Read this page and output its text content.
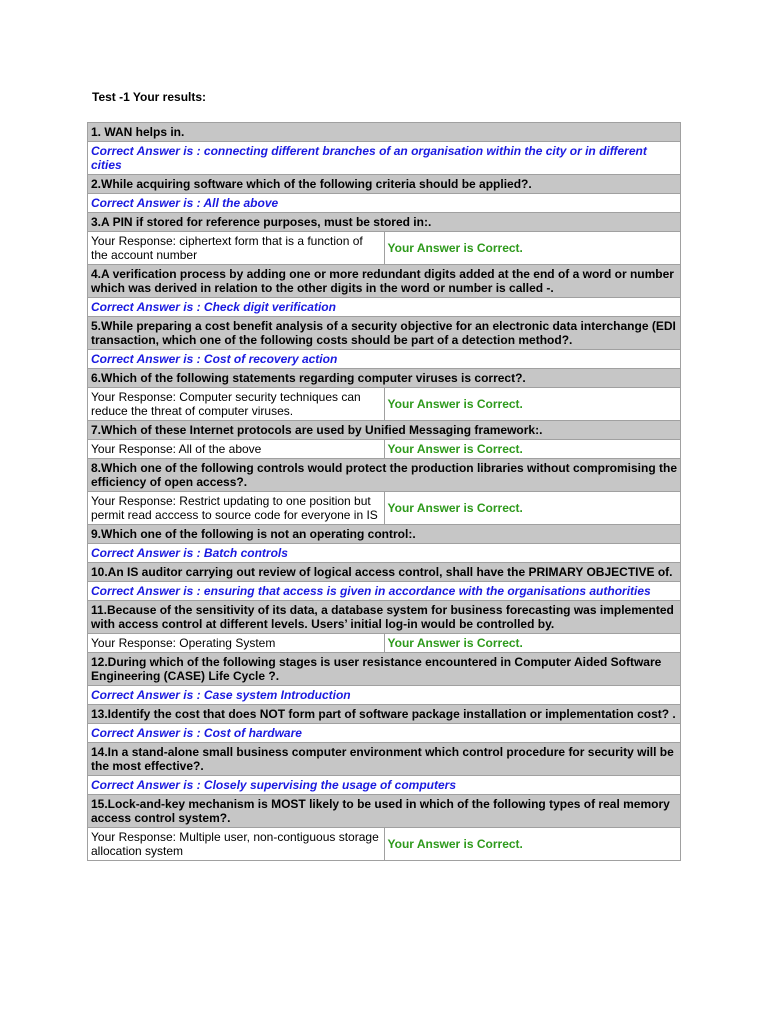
Test -1 Your results:
1. WAN helps in.	
Correct Answer is : connecting different branches of an organisation within the city or in different cities	
2.While acquiring software which of the following criteria should be applied?.	
Correct Answer is : All the above	
3.A PIN if stored for reference purposes, must be stored in:.	
Your Response: ciphertext form that is a function of the account number	Your Answer is Correct.
4.A verification process by adding one or more redundant digits added at the end of a word or number which was derived in relation to the other digits in the word or number is called -.	
Correct Answer is : Check digit verification	
5.While preparing a cost benefit analysis of a security objective for an electronic data interchange (EDI transaction, which one of the following costs should be part of a detection method?.	
Correct Answer is : Cost of recovery action	
6.Which of the following statements regarding computer viruses is correct?.	
Your Response: Computer security techniques can reduce the threat of computer viruses.	Your Answer is Correct.
7.Which of these Internet protocols are used by Unified Messaging framework:.	
Your Response: All of the above	Your Answer is Correct.
8.Which one of the following controls would protect the production libraries without compromising the efficiency of open access?.	
Your Response: Restrict updating to one position but permit read acccess to source code for everyone in IS	Your Answer is Correct.
9.Which one of the following is not an operating control:.	
Correct Answer is : Batch controls	
10.An IS auditor carrying out review of logical access control, shall have the PRIMARY OBJECTIVE of.	
Correct Answer is : ensuring that access is given in accordance with the organisations authorities	
11.Because of the sensitivity of its data, a database system for business forecasting was implemented with access control at different levels. Users’ initial log-in would be controlled by.	
Your Response: Operating System	Your Answer is Correct.
12.During which of the following stages is user resistance encountered in Computer Aided Software Engineering (CASE) Life Cycle ?.	
Correct Answer is : Case system Introduction	
13.Identify the cost that does NOT form part of software package installation or implementation cost? .	
Correct Answer is : Cost of hardware	
14.In a stand-alone small business computer environment which control procedure for security will be the most effective?.	
Correct Answer is : Closely supervising the usage of computers	
15.Lock-and-key mechanism is MOST likely to be used in which of the following types of real memory access control system?.	
Your Response: Multiple user, non-contiguous storage allocation system	Your Answer is Correct.
